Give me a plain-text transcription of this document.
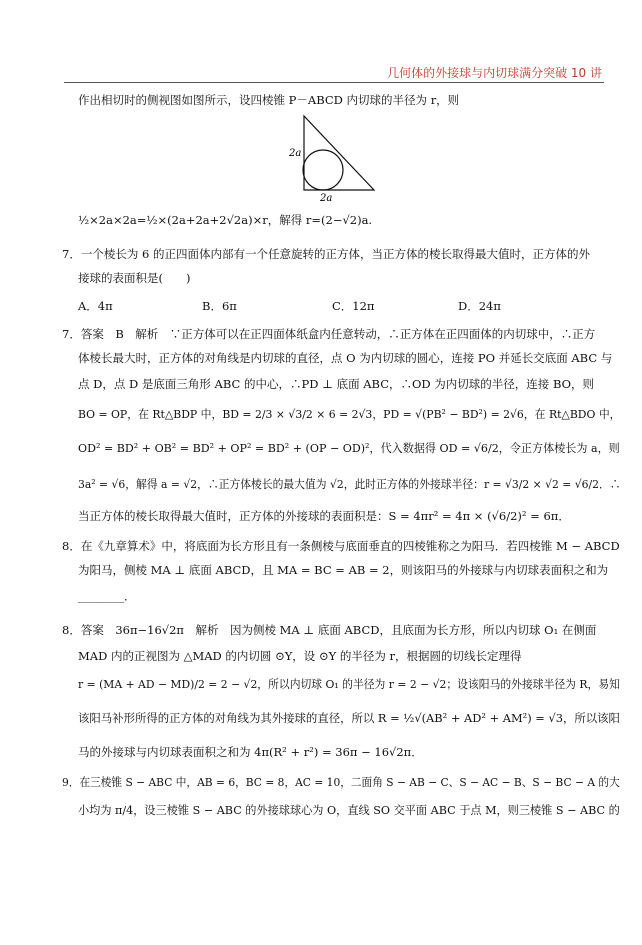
几何体的外接球与内切球满分突破 10 讲
作出相切时的侧视图如图所示，设四棱锥 P－ABCD 内切球的半径为 r，则
2a
2a
½×2a×2a=½×(2a+2a+2√2a)×r，解得 r=(2−√2)a.
7．一个棱长为 6 的正四面体内部有一个任意旋转的正方体，当正方体的棱长取得最大值时，正方体的外
接球的表面积是(　　)
A．4π	B．6π	C．12π	D．24π
7．答案　B　解析　∵正方体可以在正四面体纸盒内任意转动，∴正方体在正四面体的内切球中，∴正方
体棱长最大时，正方体的对角线是内切球的直径，点 O 为内切球的圆心，连接 PO 并延长交底面 ABC 与
点 D，点 D 是底面三角形 ABC 的中心，∴PD ⊥ 底面 ABC，∴OD 为内切球的半径，连接 BO，则
BO = OP，在 Rt△BDP 中，BD = 2/3 × √3/2 × 6 = 2√3，PD = √(PB² − BD²) = 2√6，在 Rt△BDO 中，
OD² = BD² + OB² = BD² + OP² = BD² + (OP − OD)²，代入数据得 OD = √6/2，令正方体棱长为 a，则
3a² = √6，解得 a = √2，∴正方体棱长的最大值为 √2，此时正方体的外接球半径：r = √3/2 × √2 = √6/2．∴
当正方体的棱长取得最大值时，正方体的外接球的表面积是：S = 4πr² = 4π × (√6/2)² = 6π．
8．在《九章算术》中，将底面为长方形且有一条侧棱与底面垂直的四棱锥称之为阳马．若四棱锥 M − ABCD
为阳马，侧棱 MA ⊥ 底面 ABCD，且 MA = BC = AB = 2，则该阳马的外接球与内切球表面积之和为
________．
8．答案　36π−16√2π　解析　因为侧棱 MA ⊥ 底面 ABCD，且底面为长方形，所以内切球 O₁ 在侧面
MAD 内的正视图为 △MAD 的内切圆 ⊙Y，设 ⊙Y 的半径为 r，根据圆的切线长定理得
r = (MA + AD − MD)/2 = 2 − √2，所以内切球 O₁ 的半径为 r = 2 − √2；设该阳马的外接球半径为 R，易知
该阳马补形所得的正方体的对角线为其外接球的直径，所以 R = ½√(AB² + AD² + AM²) = √3，所以该阳
马的外接球与内切球表面积之和为 4π(R² + r²) = 36π − 16√2π．
9．在三棱锥 S − ABC 中，AB = 6，BC = 8，AC = 10，二面角 S − AB − C、S − AC − B、S − BC − A 的大
小均为 π/4，设三棱锥 S − ABC 的外接球球心为 O，直线 SO 交平面 ABC 于点 M，则三棱锥 S − ABC 的
